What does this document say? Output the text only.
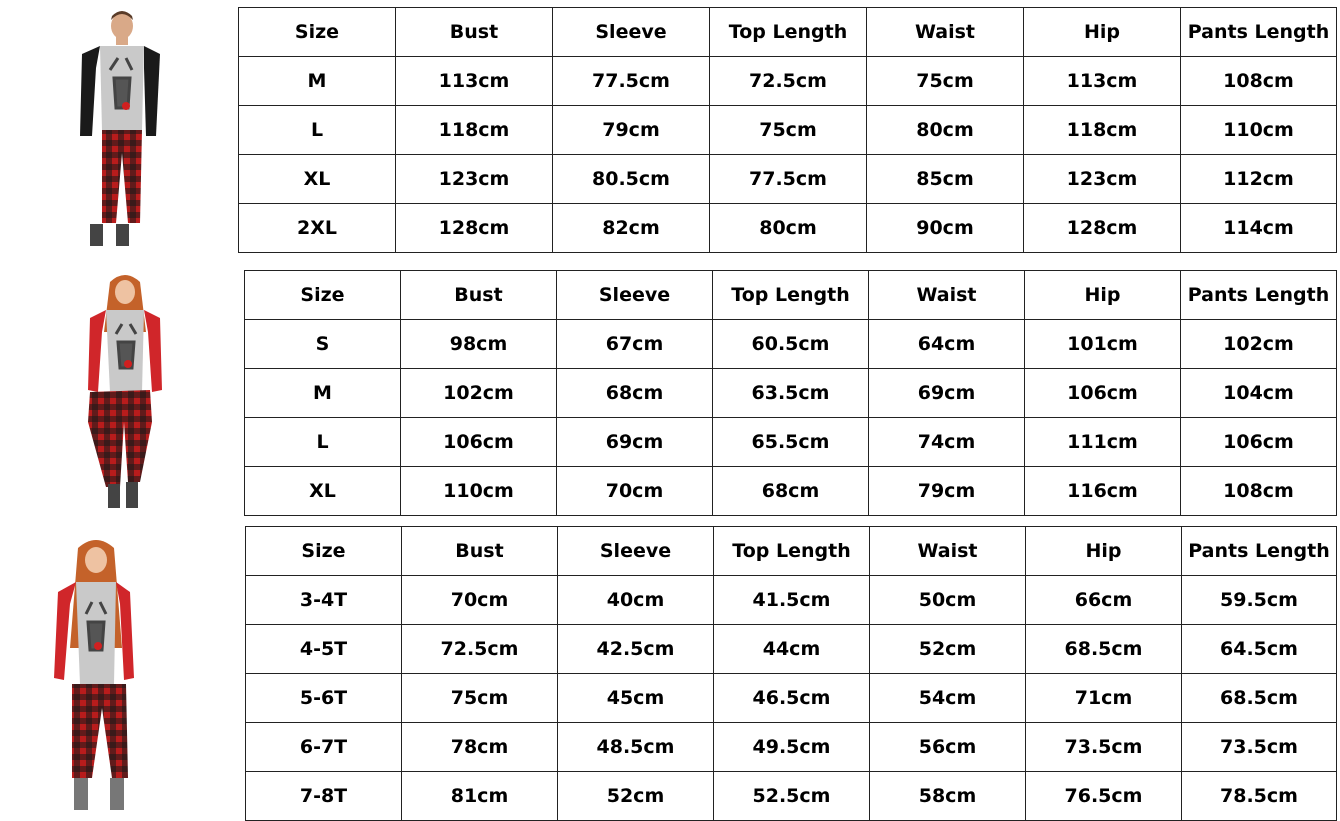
Size	Bust	Sleeve	Top Length	Waist	Hip	Pants Length
M	113cm	77.5cm	72.5cm	75cm	113cm	108cm
L	118cm	79cm	75cm	80cm	118cm	110cm
XL	123cm	80.5cm	77.5cm	85cm	123cm	112cm
2XL	128cm	82cm	80cm	90cm	128cm	114cm
Size	Bust	Sleeve	Top Length	Waist	Hip	Pants Length
S	98cm	67cm	60.5cm	64cm	101cm	102cm
M	102cm	68cm	63.5cm	69cm	106cm	104cm
L	106cm	69cm	65.5cm	74cm	111cm	106cm
XL	110cm	70cm	68cm	79cm	116cm	108cm
Size	Bust	Sleeve	Top Length	Waist	Hip	Pants Length
3-4T	70cm	40cm	41.5cm	50cm	66cm	59.5cm
4-5T	72.5cm	42.5cm	44cm	52cm	68.5cm	64.5cm
5-6T	75cm	45cm	46.5cm	54cm	71cm	68.5cm
6-7T	78cm	48.5cm	49.5cm	56cm	73.5cm	73.5cm
7-8T	81cm	52cm	52.5cm	58cm	76.5cm	78.5cm
